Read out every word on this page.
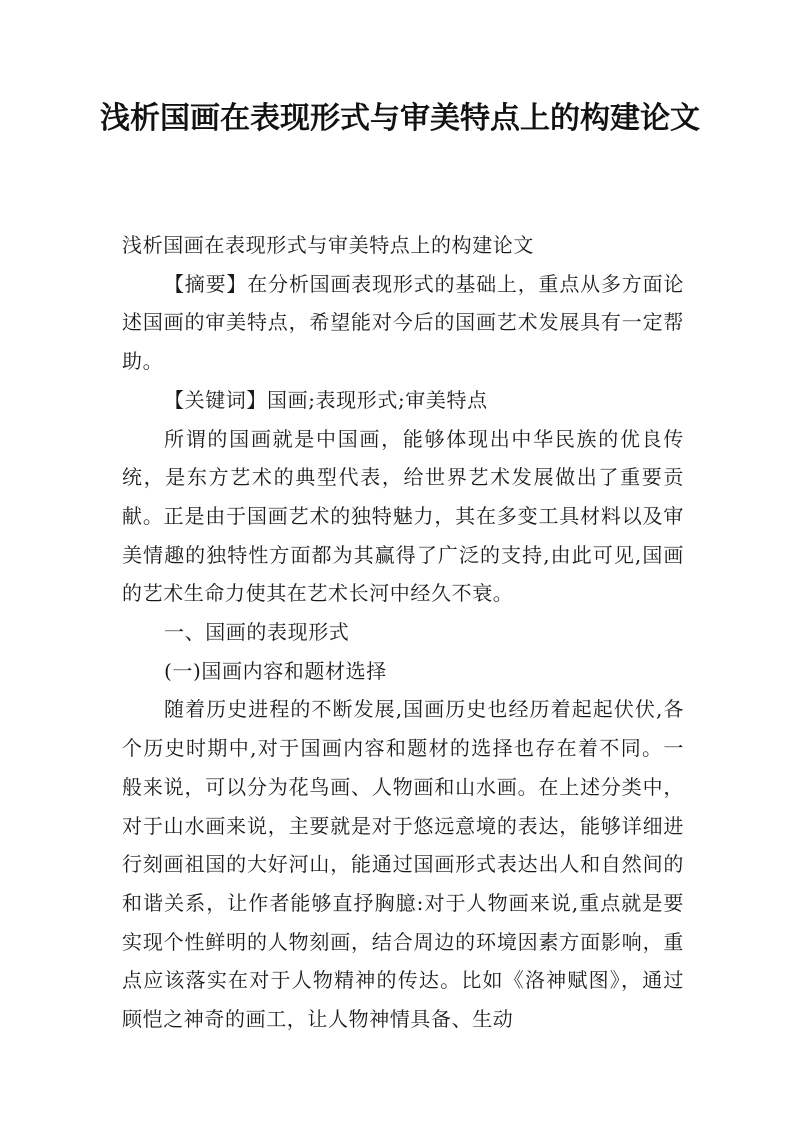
浅析国画在表现形式与审美特点上的构建论文

浅析国画在表现形式与审美特点上的构建论文

【摘要】在分析国画表现形式的基础上，重点从多方面论述国画的审美特点，希望能对今后的国画艺术发展具有一定帮助。

【关键词】国画;表现形式;审美特点

所谓的国画就是中国画，能够体现出中华民族的优良传统，是东方艺术的典型代表，给世界艺术发展做出了重要贡献。正是由于国画艺术的独特魅力，其在多变工具材料以及审美情趣的独特性方面都为其赢得了广泛的支持,由此可见,国画的艺术生命力使其在艺术长河中经久不衰。

一、国画的表现形式

(一)国画内容和题材选择

随着历史进程的不断发展,国画历史也经历着起起伏伏,各个历史时期中,对于国画内容和题材的选择也存在着不同。一般来说，可以分为花鸟画、人物画和山水画。在上述分类中，对于山水画来说，主要就是对于悠远意境的表达，能够详细进行刻画祖国的大好河山，能通过国画形式表达出人和自然间的和谐关系，让作者能够直抒胸臆:对于人物画来说,重点就是要实现个性鲜明的人物刻画，结合周边的环境因素方面影响，重点应该落实在对于人物精神的传达。比如《洛神赋图》，通过顾恺之神奇的画工，让人物神情具备、生动
